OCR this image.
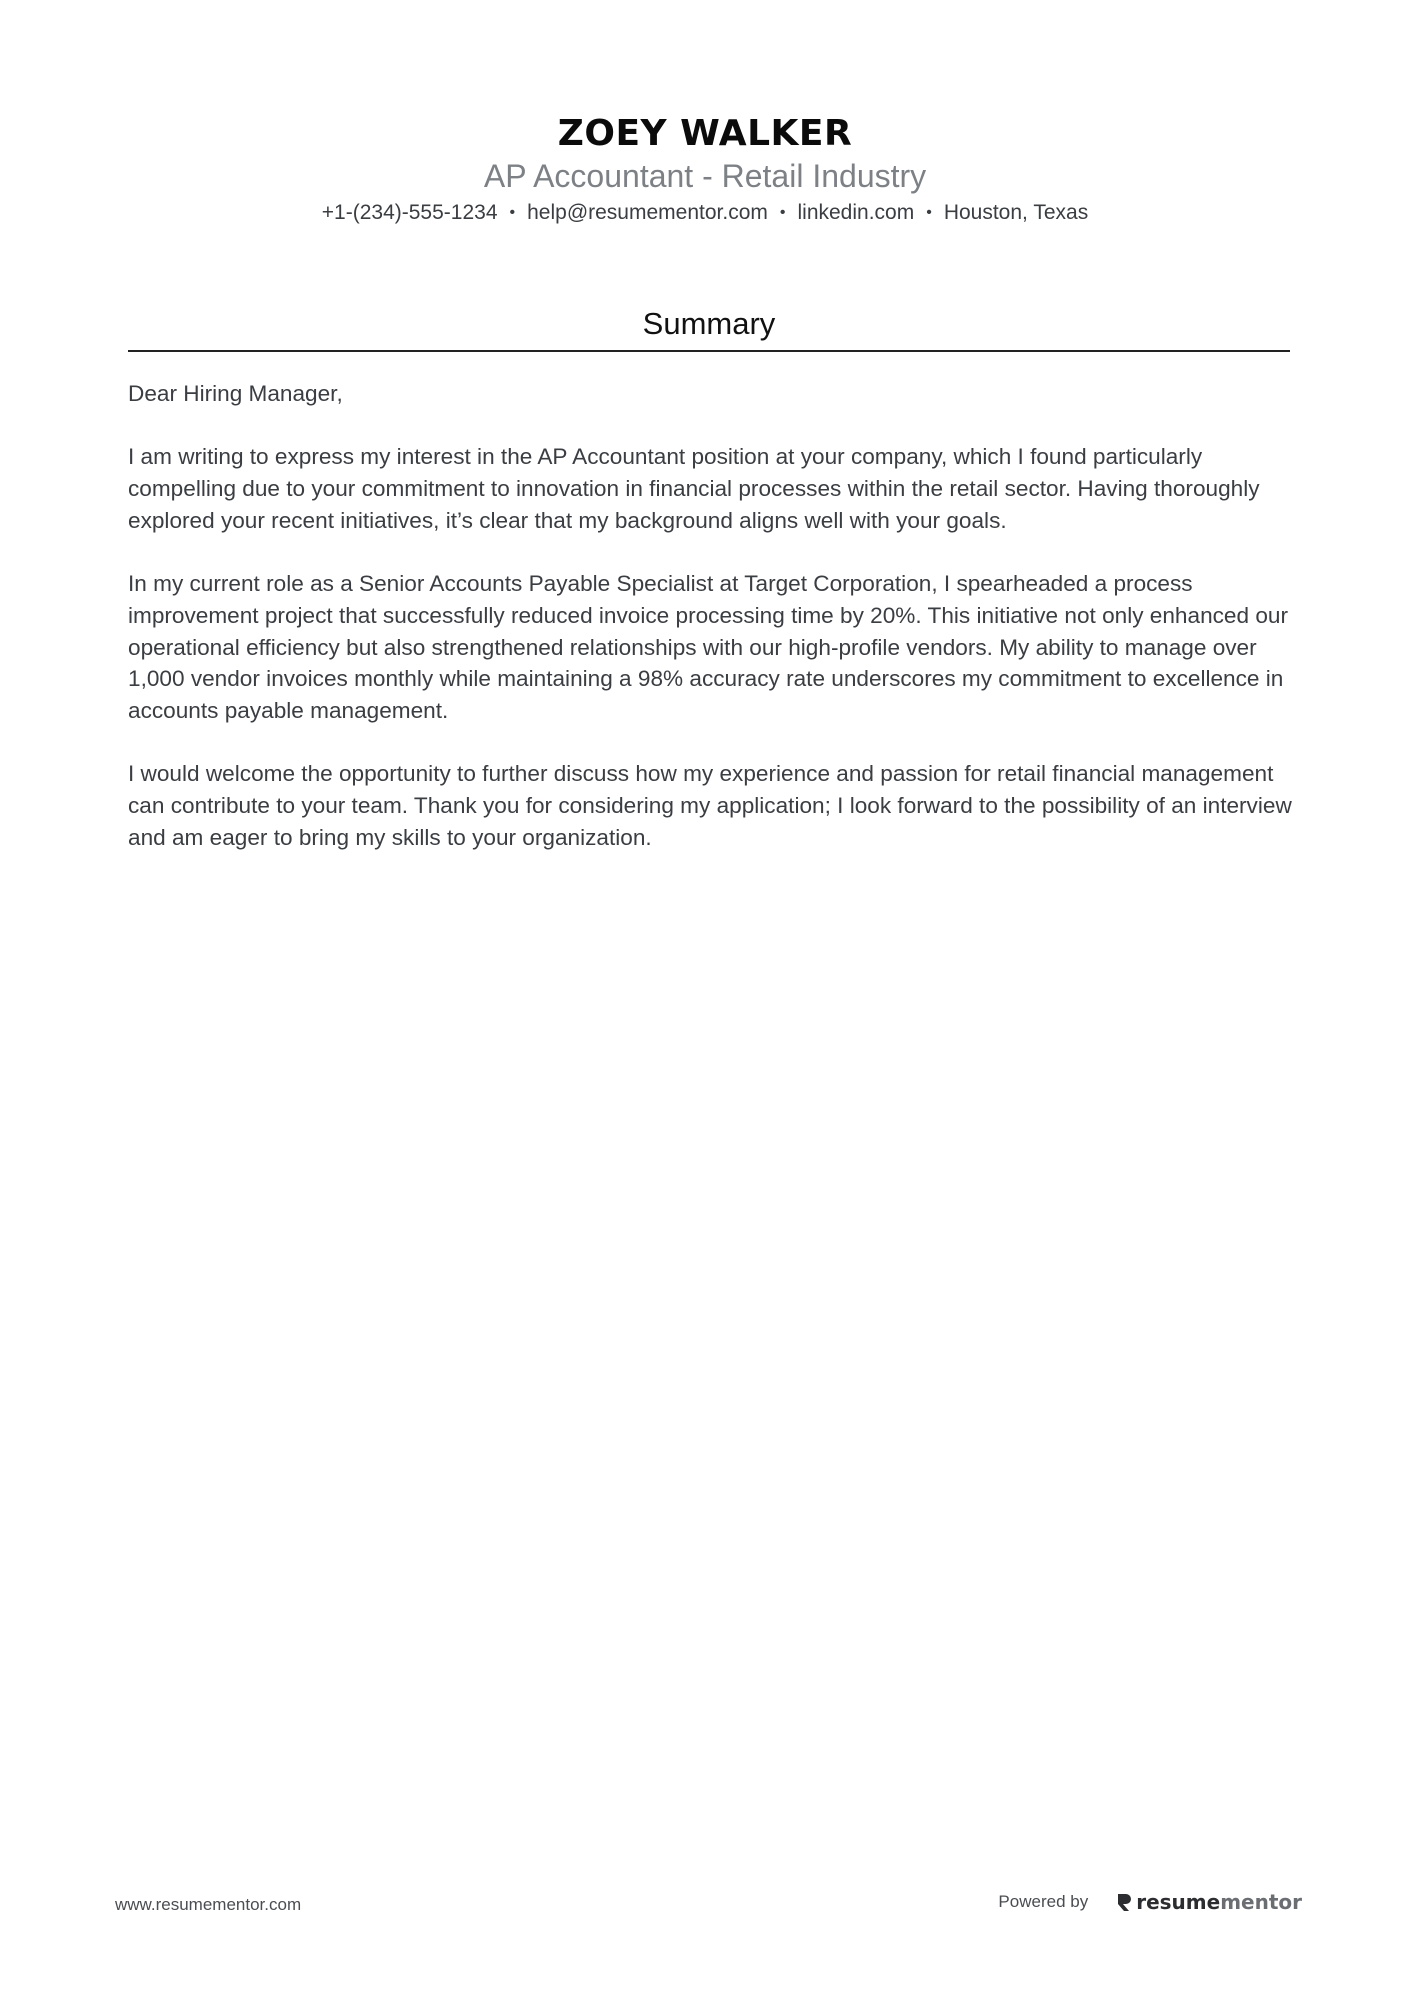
ZOEY WALKER
AP Accountant - Retail Industry
+1-(234)-555-1234 • help@resumementor.com • linkedin.com • Houston, Texas
Summary

Dear Hiring Manager,

I am writing to express my interest in the AP Accountant position at your company, which I found particularly compelling due to your commitment to innovation in financial processes within the retail sector. Having thoroughly explored your recent initiatives, it’s clear that my background aligns well with your goals.

In my current role as a Senior Accounts Payable Specialist at Target Corporation, I spearheaded a process improvement project that successfully reduced invoice processing time by 20%. This initiative not only enhanced our operational efficiency but also strengthened relationships with our high-profile vendors. My ability to manage over 1,000 vendor invoices monthly while maintaining a 98% accuracy rate underscores my commitment to excellence in accounts payable management.

I would welcome the opportunity to further discuss how my experience and passion for retail financial management can contribute to your team. Thank you for considering my application; I look forward to the possibility of an interview and am eager to bring my skills to your organization.

www.resumementor.com	Powered by resume mentor
